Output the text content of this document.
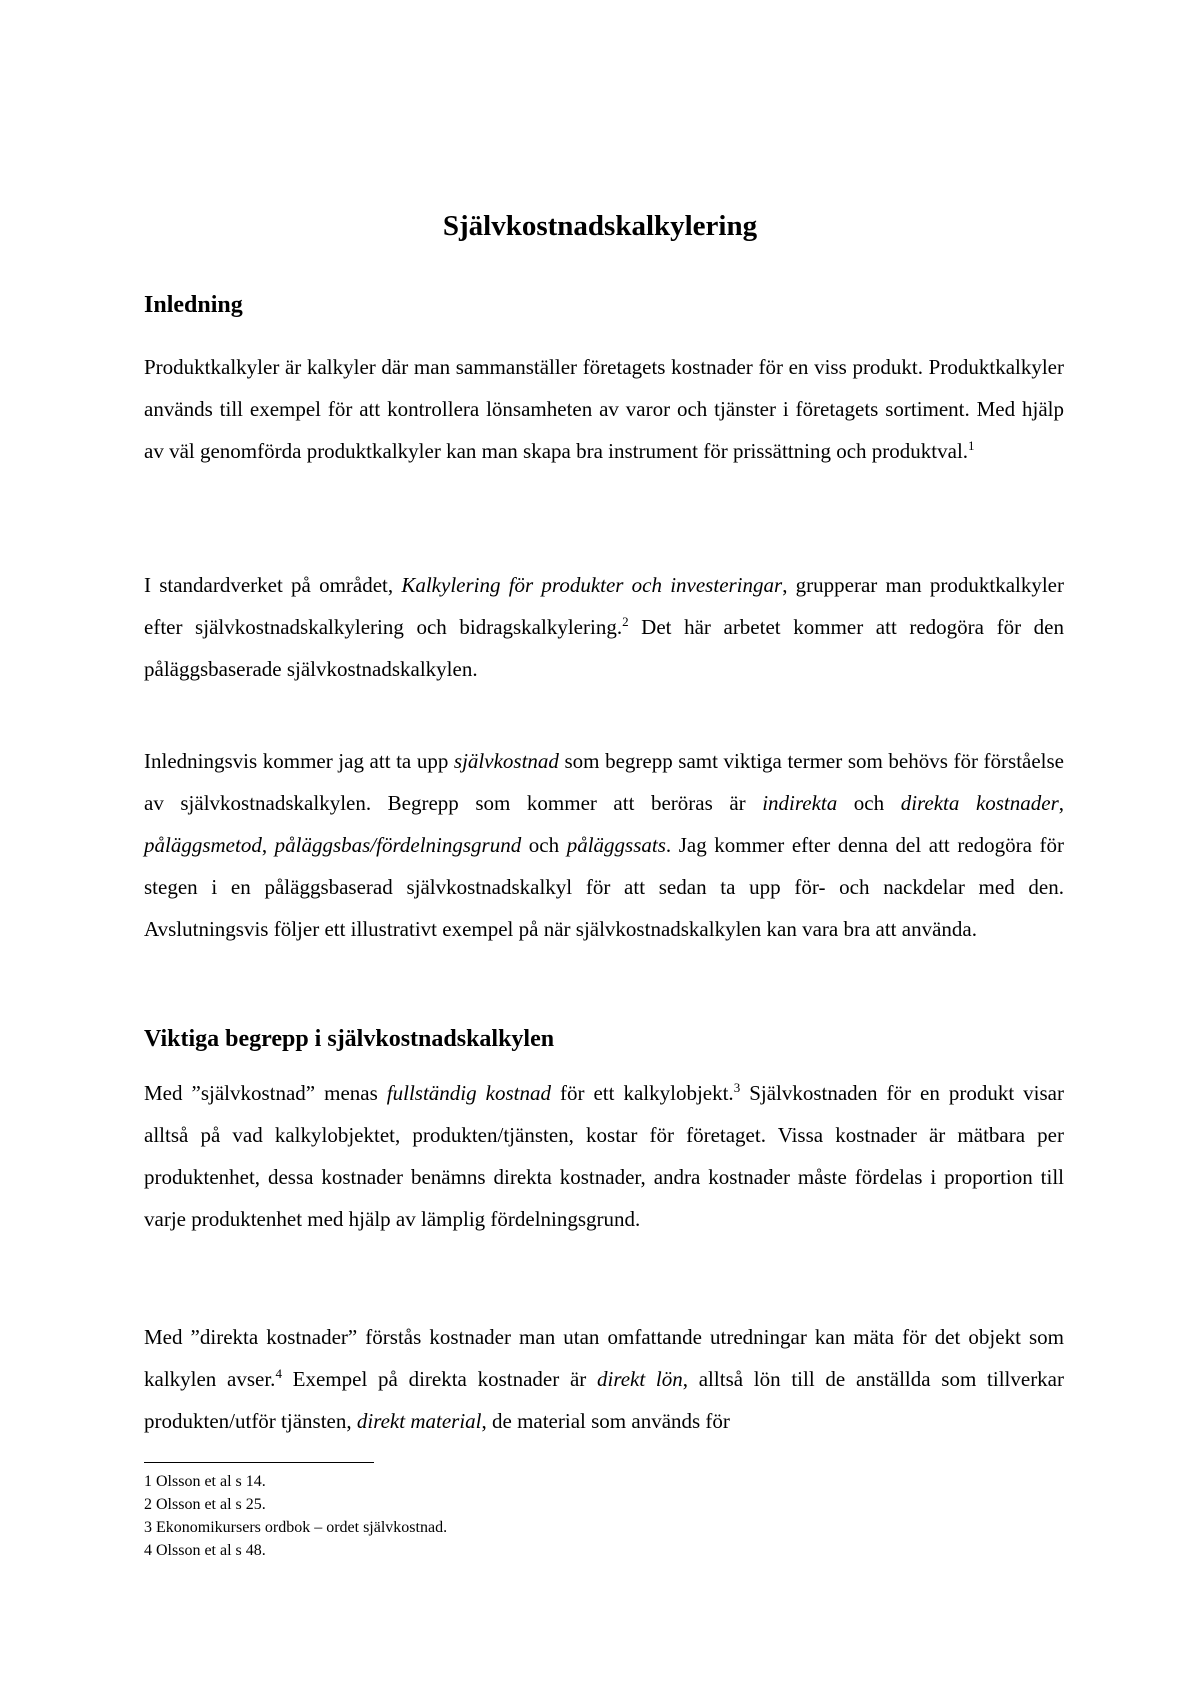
Självkostnadskalkylering
Inledning

Produktkalkyler är kalkyler där man sammanställer företagets kostnader för en viss produkt. Produktkalkyler används till exempel för att kontrollera lönsamheten av varor och tjänster i företagets sortiment. Med hjälp av väl genomförda produktkalkyler kan man skapa bra instrument för prissättning och produktval.$^1$

I standardverket på området, Kalkylering för produkter och investeringar, grupperar man produktkalkyler efter självkostnadskalkylering och bidragskalkylering.$^2$ Det här arbetet kommer att redogöra för den påläggsbaserade självkostnadskalkylen.

Inledningsvis kommer jag att ta upp självkostnad som begrepp samt viktiga termer som behövs för förståelse av självkostnadskalkylen. Begrepp som kommer att beröras är indirekta och direkta kostnader, påläggsmetod, påläggsbas/fördelningsgrund och påläggssats. Jag kommer efter denna del att redogöra för stegen i en påläggsbaserad självkostnadskalkyl för att sedan ta upp för- och nackdelar med den. Avslutningsvis följer ett illustrativt exempel på när självkostnadskalkylen kan vara bra att använda.

Viktiga begrepp i självkostnadskalkylen

Med ”självkostnad” menas fullständig kostnad för ett kalkylobjekt.$^3$ Självkostnaden för en produkt visar alltså på vad kalkylobjektet, produkten/tjänsten, kostar för företaget. Vissa kostnader är mätbara per produktenhet, dessa kostnader benämns direkta kostnader, andra kostnader måste fördelas i proportion till varje produktenhet med hjälp av lämplig fördelningsgrund.

Med ”direkta kostnader” förstås kostnader man utan omfattande utredningar kan mäta för det objekt som kalkylen avser.$^4$ Exempel på direkta kostnader är direkt lön, alltså lön till de anställda som tillverkar produkten/utför tjänsten, direkt material, de material som används för

1 Olsson et al s 14.
2 Olsson et al s 25.
3 Ekonomikursers ordbok – ordet självkostnad.
4 Olsson et al s 48.
